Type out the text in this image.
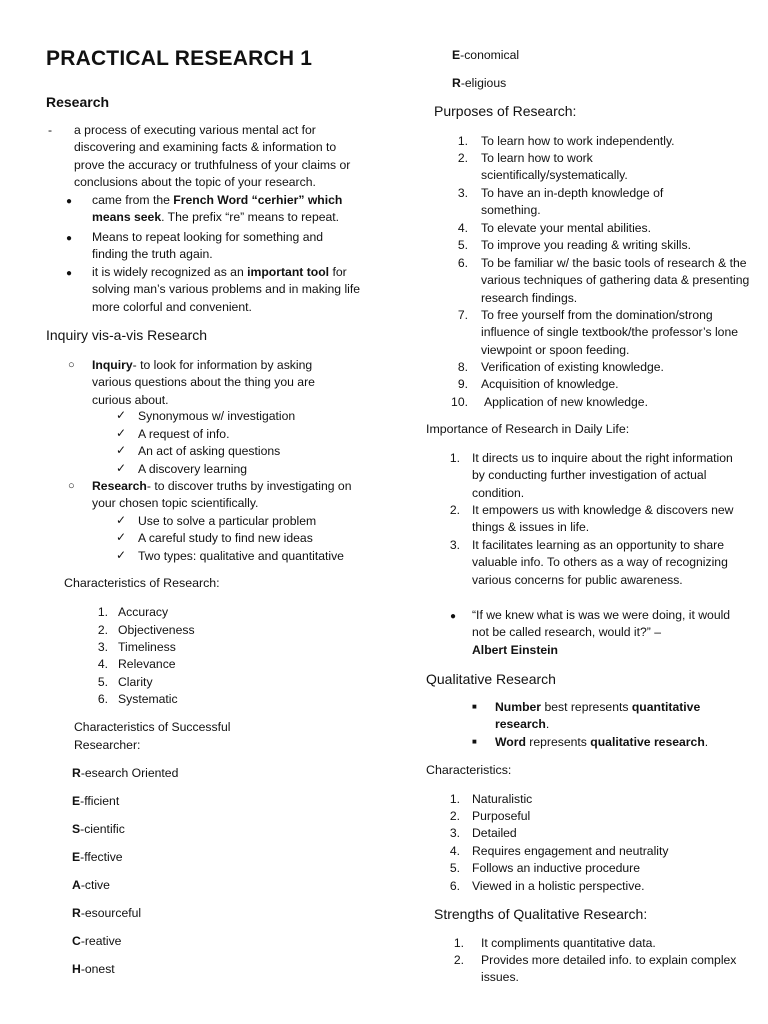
PRACTICAL RESEARCH 1
Research
- a process of executing various mental act for discovering and examining facts & information to prove the accuracy or truthfulness of your claims or conclusions about the topic of your research.
● came from the French Word “cerhier” which means seek. The prefix “re” means to repeat.
● Means to repeat looking for something and finding the truth again.
● it is widely recognized as an important tool for solving man’s various problems and in making life more colorful and convenient.
Inquiry vis-a-vis Research
○ Inquiry- to look for information by asking various questions about the thing you are curious about.
✓ Synonymous w/ investigation
✓ A request of info.
✓ An act of asking questions
✓ A discovery learning
○ Research- to discover truths by investigating on your chosen topic scientifically.
✓ Use to solve a particular problem
✓ A careful study to find new ideas
✓ Two types: qualitative and quantitative
Characteristics of Research:
1. Accuracy
2. Objectiveness
3. Timeliness
4. Relevance
5. Clarity
6. Systematic
Characteristics of Successful
Researcher:
R-esearch Oriented
E-fficient
S-cientific
E-ffective
A-ctive
R-esourceful
C-reative
H-onest
E-conomical
R-eligious
Purposes of Research:
1. To learn how to work independently.
2. To learn how to work scientifically/systematically.
3. To have an in-depth knowledge of something.
4. To elevate your mental abilities.
5. To improve you reading & writing skills.
6. To be familiar w/ the basic tools of research & the various techniques of gathering data & presenting research findings.
7. To free yourself from the domination/strong influence of single textbook/the professor’s lone viewpoint or spoon feeding.
8. Verification of existing knowledge.
9. Acquisition of knowledge.
10. Application of new knowledge.
Importance of Research in Daily Life:
1. It directs us to inquire about the right information by conducting further investigation of actual condition.
2. It empowers us with knowledge & discovers new things & issues in life.
3. It facilitates learning as an opportunity to share valuable info. To others as a way of recognizing various concerns for public awareness.
● “If we knew what is was we were doing, it would not be called research, would it?” –
Albert Einstein
Qualitative Research
■ Number best represents quantitative research.
■ Word represents qualitative research.
Characteristics:
1. Naturalistic
2. Purposeful
3. Detailed
4. Requires engagement and neutrality
5. Follows an inductive procedure
6. Viewed in a holistic perspective.
Strengths of Qualitative Research:
1. It compliments quantitative data.
2. Provides more detailed info. to explain complex issues.
